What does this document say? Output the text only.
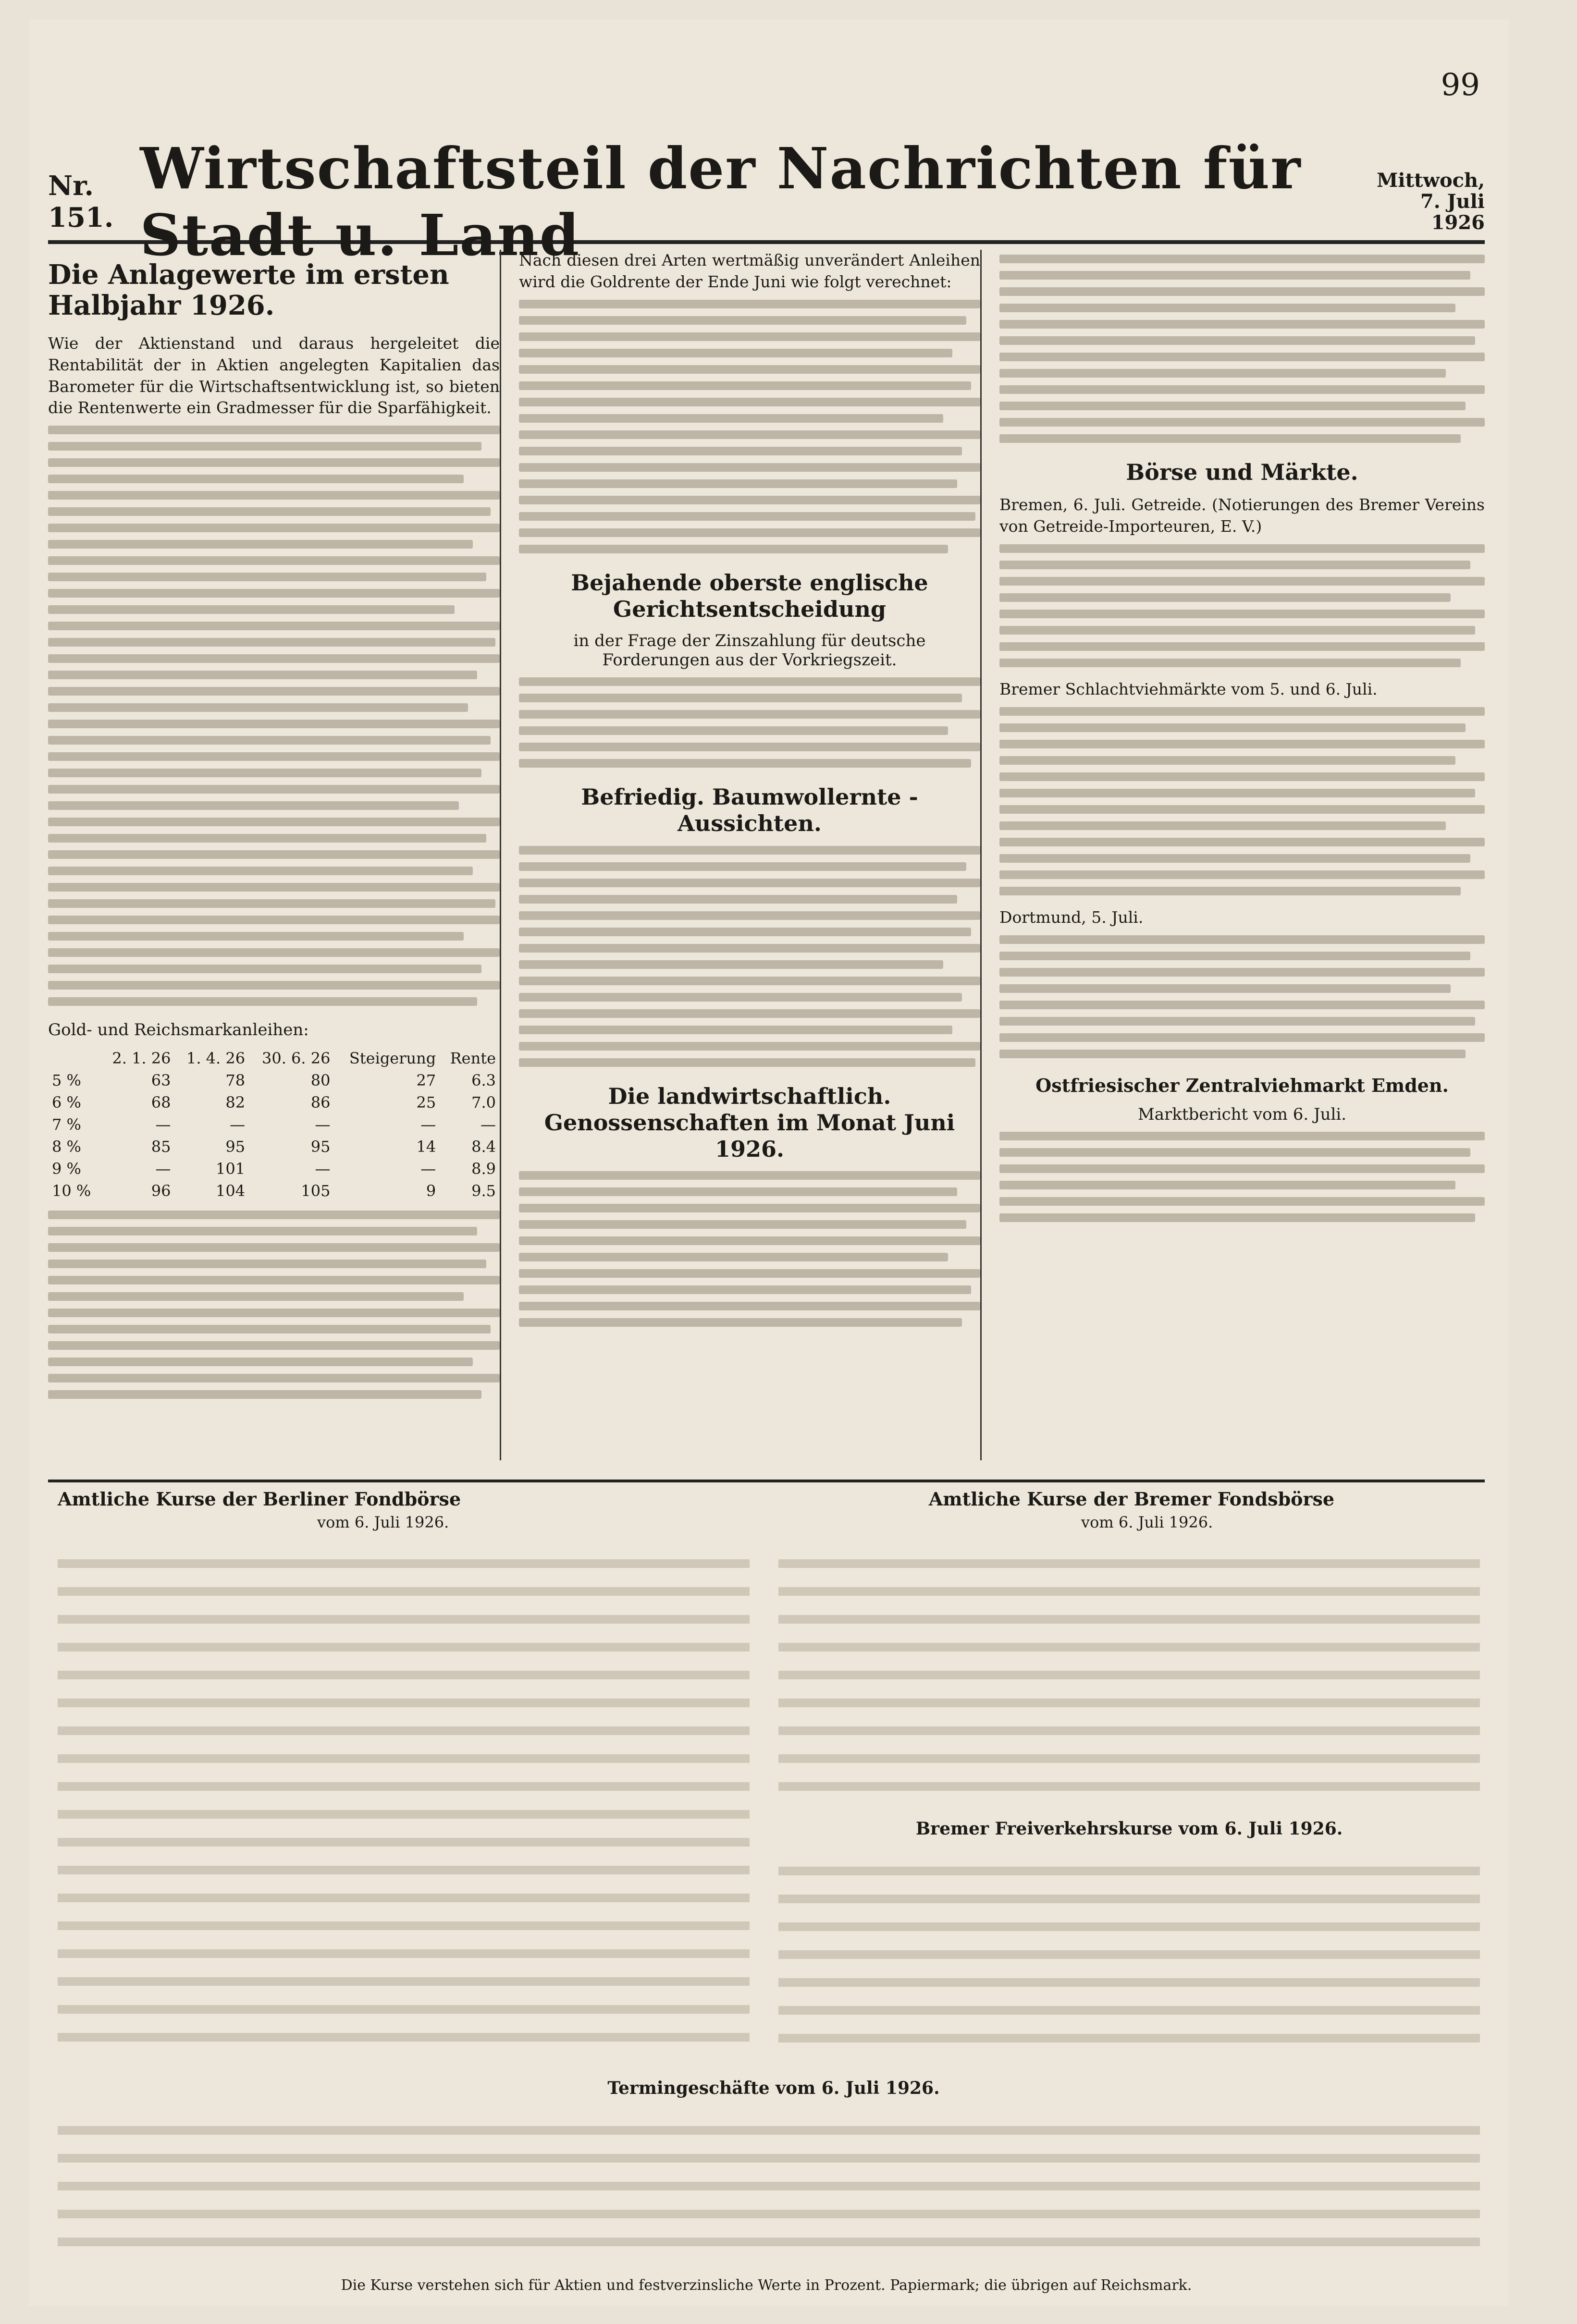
99
Nr. 151.
Wirtschaftsteil der Nachrichten für Stadt u. Land
Mittwoch,
7. Juli 1926
Die Anlagewerte im ersten Halbjahr 1926.

Wie der Aktienstand und daraus hergeleitet die Rentabilität der in Aktien angelegten Kapitalien das Barometer für die Wirtschaftsentwicklung ist, so bieten die Rentenwerte ein Gradmesser für die Sparfähigkeit.

Gold- und Reichsmarkanleihen:
	2. 1. 26	1. 4. 26	30. 6. 26	Steigerung	Rente
5 %	63	78	80	27	6.3
6 %	68	82	86	25	7.0
7 %	—	—	—	—	—
8 %	85	95	95	14	8.4
9 %	—	101	—	—	8.9
10 %	96	104	105	9	9.5

Nach diesen drei Arten wertmäßig unverändert Anleihen wird die Goldrente der Ende Juni wie folgt verechnet:

Bejahende oberste englische Gerichtsentscheidung
in der Frage der Zinszahlung für deutsche Forderungen aus der Vorkriegszeit.
Befriedig. Baumwollernte - Aussichten.
Die landwirtschaftlich. Genossenschaften im Monat Juni 1926.
Börse und Märkte.

Bremen, 6. Juli. Getreide. (Notierungen des Bremer Vereins von Getreide-Importeuren, E. V.)

Bremer Schlachtviehmärkte vom 5. und 6. Juli.

Dortmund, 5. Juli.

Ostfriesischer Zentralviehmarkt Emden.
Marktbericht vom 6. Juli.
Amtliche Kurse der Berliner Fondbörse
vom 6. Juli 1926.
Amtliche Kurse der Bremer Fondsbörse
vom 6. Juli 1926.
Bremer Freiverkehrskurse vom 6. Juli 1926.
Termingeschäfte vom 6. Juli 1926.
Die Kurse verstehen sich für Aktien und festverzinsliche Werte in Prozent. Papiermark; die übrigen auf Reichsmark.
